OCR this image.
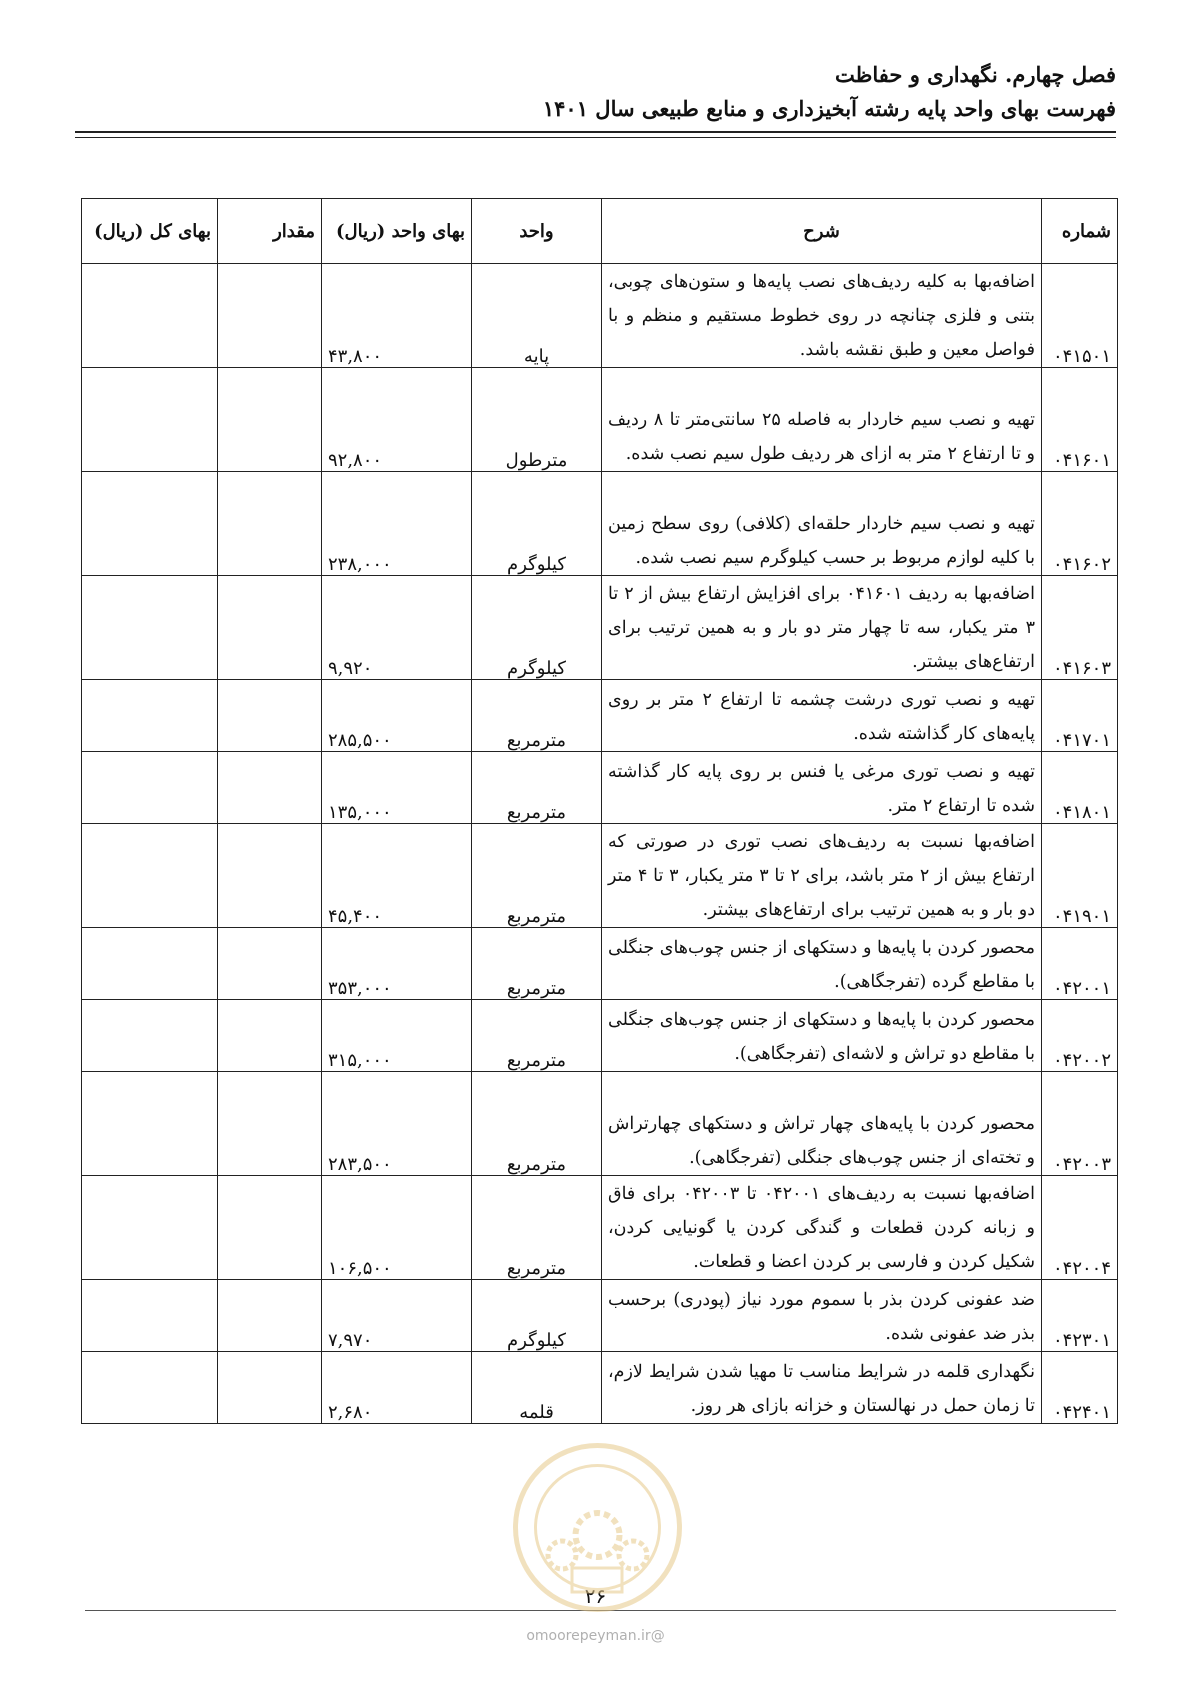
فصل چهارم. نگهداری و حفاظت
فهرست بهای واحد پایه رشته آبخیزداری و منابع طبیعی سال ۱۴۰۱
شماره	شرح	واحد	بهای واحد (ریال)	مقدار	بهای کل (ریال)
۰۴۱۵۰۱	اضافه‌بها به کلیه ردیف‌های نصب پایه‌ها و ستون‌های چوبی، بتنی و فلزی چنانچه در روی خطوط مستقیم و منظم و با فواصل معین و طبق نقشه باشد.	پایه	۴۳,۸۰۰		
۰۴۱۶۰۱	تهیه و نصب سیم خاردار به فاصله ۲۵ سانتی‌متر تا ۸ ردیف و تا ارتفاع ۲ متر به ازای هر ردیف طول سیم نصب شده.	مترطول	۹۲,۸۰۰		
۰۴۱۶۰۲	تهیه و نصب سیم خاردار حلقه‌ای (کلافی) روی سطح زمین با کلیه لوازم مربوط بر حسب کیلوگرم سیم نصب شده.	کیلوگرم	۲۳۸,۰۰۰		
۰۴۱۶۰۳	اضافه‌بها به ردیف ۰۴۱۶۰۱ برای افزایش ارتفاع بیش از ۲ تا ۳ متر یکبار، سه تا چهار متر دو بار و به همین ترتیب برای ارتفاع‌های بیشتر.	کیلوگرم	۹,۹۲۰		
۰۴۱۷۰۱	تهیه و نصب توری درشت چشمه تا ارتفاع ۲ متر بر روی پایه‌های کار گذاشته شده.	مترمربع	۲۸۵,۵۰۰		
۰۴۱۸۰۱	تهیه و نصب توری مرغی یا فنس بر روی پایه کار گذاشته شده تا ارتفاع ۲ متر.	مترمربع	۱۳۵,۰۰۰		
۰۴۱۹۰۱	اضافه‌بها نسبت به ردیف‌های نصب توری در صورتی که ارتفاع بیش از ۲ متر باشد، برای ۲ تا ۳ متر یکبار، ۳ تا ۴ متر دو بار و به همین ترتیب برای ارتفاع‌های بیشتر.	مترمربع	۴۵,۴۰۰		
۰۴۲۰۰۱	محصور کردن با پایه‌ها و دستکهای از جنس چوب‌های جنگلی با مقاطع گرده (تفرجگاهی).	مترمربع	۳۵۳,۰۰۰		
۰۴۲۰۰۲	محصور کردن با پایه‌ها و دستکهای از جنس چوب‌های جنگلی با مقاطع دو تراش و لاشه‌ای (تفرجگاهی).	مترمربع	۳۱۵,۰۰۰		
۰۴۲۰۰۳	محصور کردن با پایه‌های چهار تراش و دستکهای چهارتراش و تخته‌ای از جنس چوب‌های جنگلی (تفرجگاهی).	مترمربع	۲۸۳,۵۰۰		
۰۴۲۰۰۴	اضافه‌بها نسبت به ردیف‌های ۰۴۲۰۰۱ تا ۰۴۲۰۰۳ برای فاق و زبانه کردن قطعات و گندگی کردن یا گونیایی کردن، شکیل کردن و فارسی بر کردن اعضا و قطعات.	مترمربع	۱۰۶,۵۰۰		
۰۴۲۳۰۱	ضد عفونی کردن بذر با سموم مورد نیاز (پودری) برحسب بذر ضد عفونی شده.	کیلوگرم	۷,۹۷۰		
۰۴۲۴۰۱	نگهداری قلمه در شرایط مناسب تا مهیا شدن شرایط لازم، تا زمان حمل در نهالستان و خزانه بازای هر روز.	قلمه	۲,۶۸۰		
۲۶
@omoorepeyman.ir
